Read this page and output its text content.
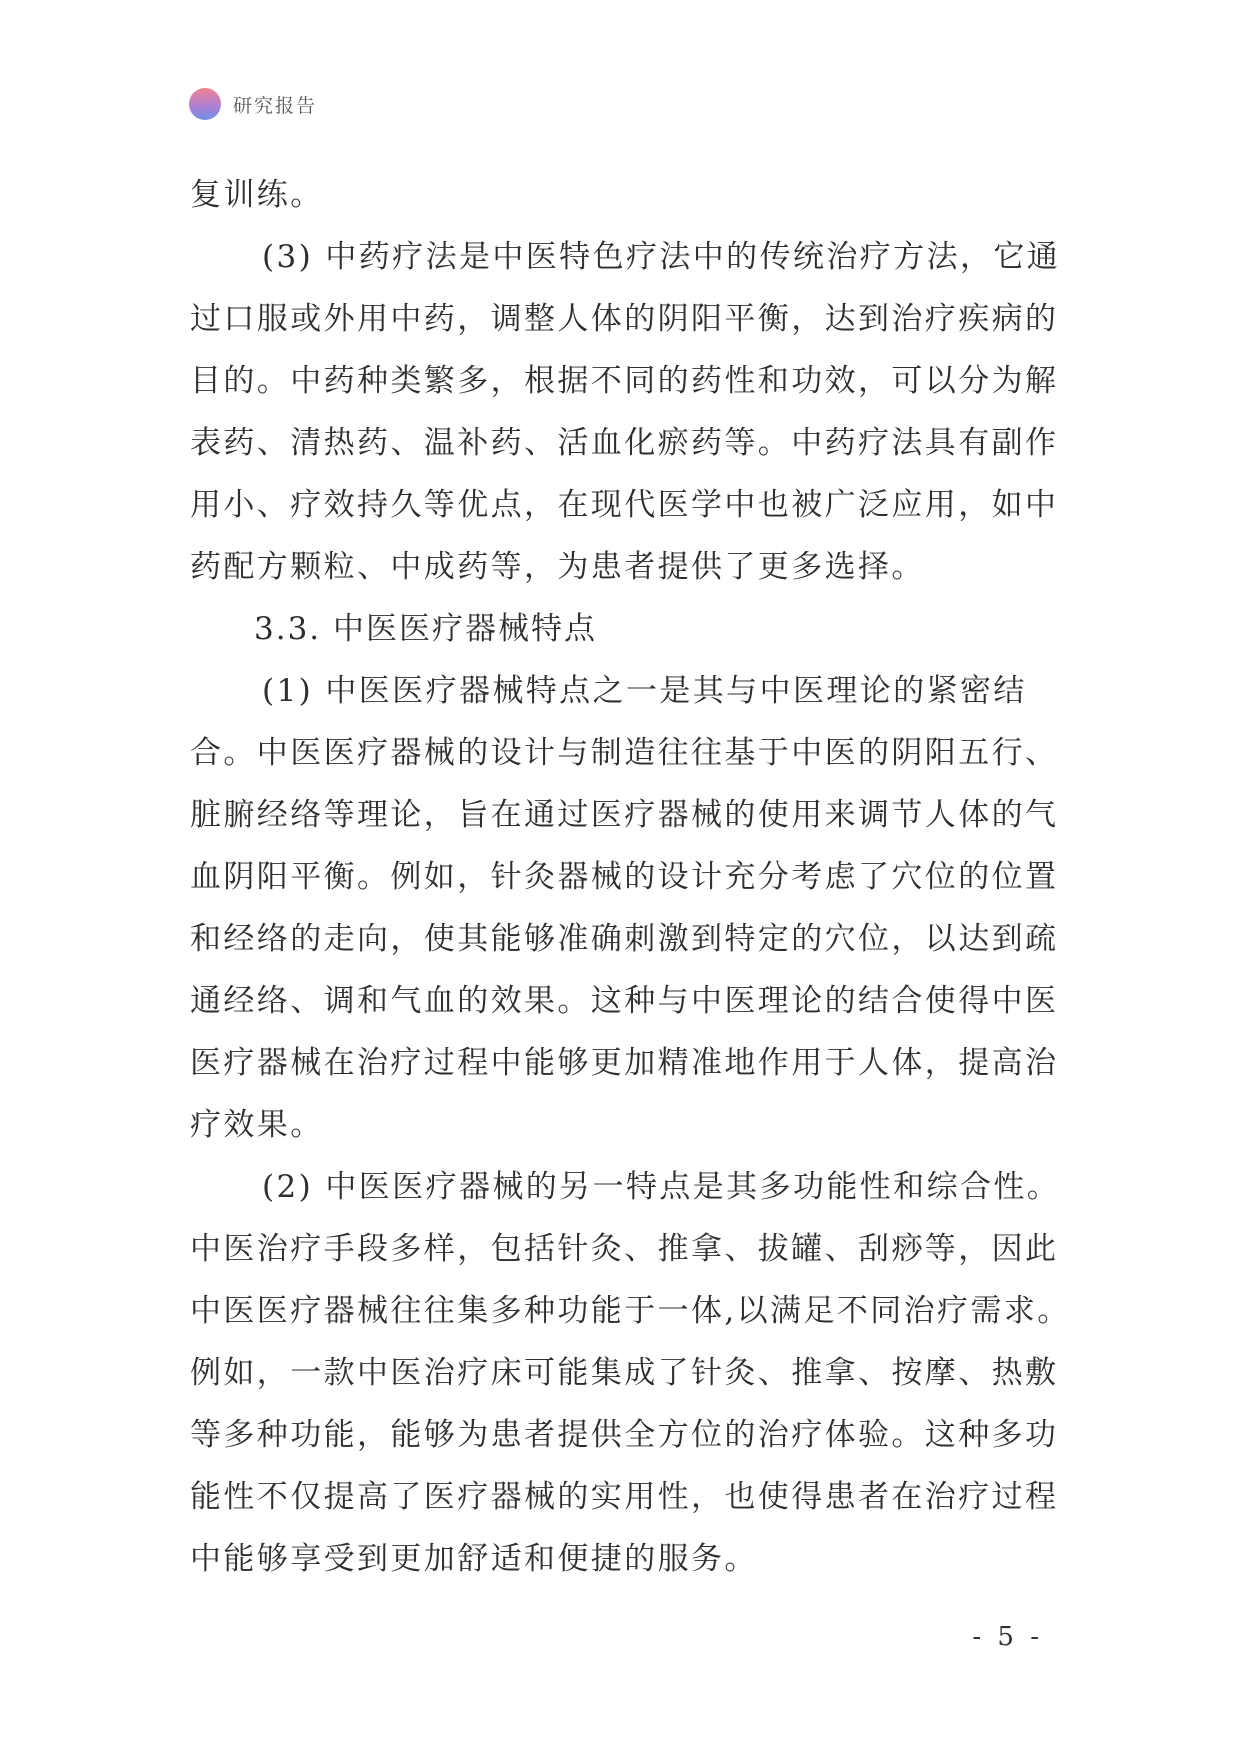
研究报告
复训练。
(3) 中药疗法是中医特色疗法中的传统治疗方法，它通
过口服或外用中药，调整人体的阴阳平衡，达到治疗疾病的
目的。中药种类繁多，根据不同的药性和功效，可以分为解
表药、清热药、温补药、活血化瘀药等。中药疗法具有副作
用小、疗效持久等优点，在现代医学中也被广泛应用，如中
药配方颗粒、中成药等，为患者提供了更多选择。
3.3. 中医医疗器械特点
(1) 中医医疗器械特点之一是其与中医理论的紧密结
合。中医医疗器械的设计与制造往往基于中医的阴阳五行、
脏腑经络等理论，旨在通过医疗器械的使用来调节人体的气
血阴阳平衡。例如，针灸器械的设计充分考虑了穴位的位置
和经络的走向，使其能够准确刺激到特定的穴位，以达到疏
通经络、调和气血的效果。这种与中医理论的结合使得中医
医疗器械在治疗过程中能够更加精准地作用于人体，提高治
疗效果。
(2) 中医医疗器械的另一特点是其多功能性和综合性。
中医治疗手段多样，包括针灸、推拿、拔罐、刮痧等，因此
中医医疗器械往往集多种功能于一体,以满足不同治疗需求。
例如，一款中医治疗床可能集成了针灸、推拿、按摩、热敷
等多种功能，能够为患者提供全方位的治疗体验。这种多功
能性不仅提高了医疗器械的实用性，也使得患者在治疗过程
中能够享受到更加舒适和便捷的服务。
- 5 -
